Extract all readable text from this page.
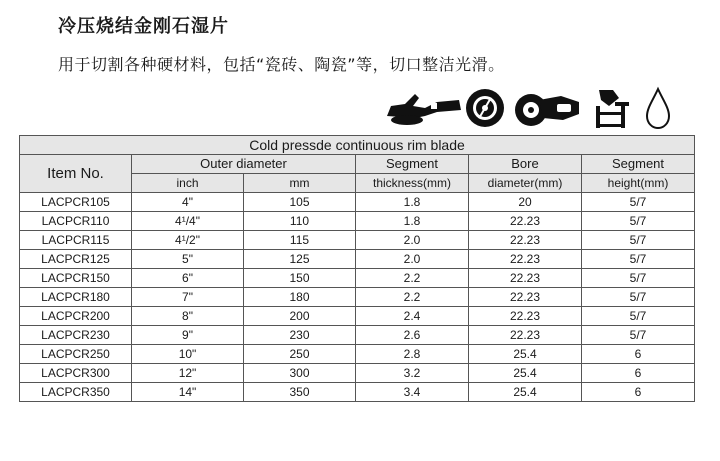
冷压烧结金刚石湿片
用于切割各种硬材料，包括“瓷砖、陶瓷”等，切口整洁光滑。
Cold pressde continuous rim blade					
Item No.	Outer diameter		Segment	Bore	Segment
	inch	mm	thickness(mm)	diameter(mm)	height(mm)
LACPCR105	4"	105	1.8	20	5/7
LACPCR110	4¹/4"	110	1.8	22.23	5/7
LACPCR115	4¹/2"	115	2.0	22.23	5/7
LACPCR125	5"	125	2.0	22.23	5/7
LACPCR150	6"	150	2.2	22.23	5/7
LACPCR180	7"	180	2.2	22.23	5/7
LACPCR200	8"	200	2.4	22.23	5/7
LACPCR230	9"	230	2.6	22.23	5/7
LACPCR250	10"	250	2.8	25.4	6
LACPCR300	12"	300	3.2	25.4	6
LACPCR350	14"	350	3.4	25.4	6
